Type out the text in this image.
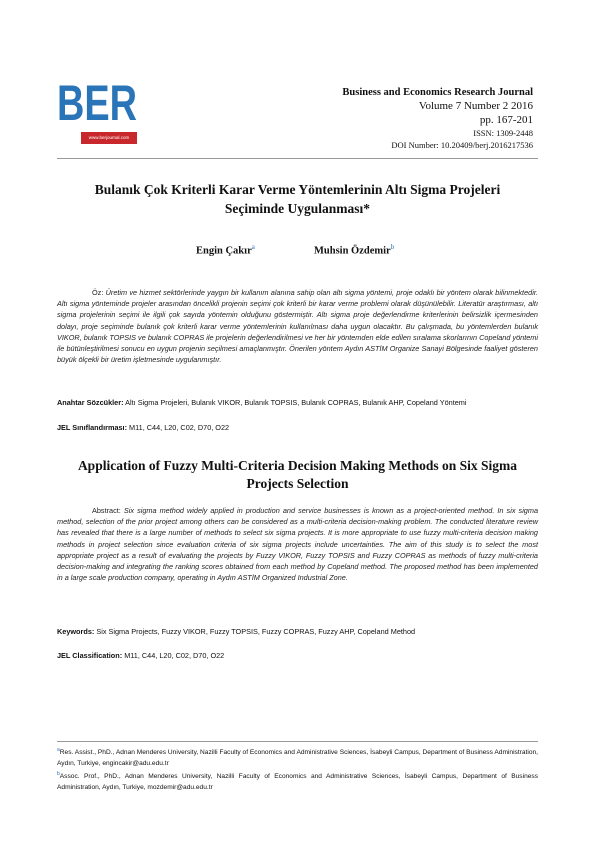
BER
www.berjournal.com
Business and Economics Research Journal
Volume 7 Number 2 2016
pp. 167-201
ISSN: 1309-2448
DOI Number: 10.20409/berj.2016217536
Bulanık Çok Kriterli Karar Verme Yöntemlerinin Altı Sigma Projeleri Seçiminde Uygulanması*
Engin Çakır$^a$	Muhsin Özdemir$^b$
Öz: Üretim ve hizmet sektörlerinde yaygın bir kullanım alanına sahip olan altı sigma yöntemi, proje odaklı bir yöntem olarak bilinmektedir. Altı sigma yönteminde projeler arasından öncelikli projenin seçimi çok kriterli bir karar verme problemi olarak düşünülebilir. Literatür araştırması, altı sigma projelerinin seçimi ile ilgili çok sayıda yöntemin olduğunu göstermiştir. Altı sigma proje değerlendirme kriterlerinin belirsizlik içermesinden dolayı, proje seçiminde bulanık çok kriterli karar verme yöntemlerinin kullanılması daha uygun olacaktır. Bu çalışmada, bu yöntemlerden bulanık VIKOR, bulanık TOPSIS ve bulanık COPRAS ile projelerin değerlendirilmesi ve her bir yöntemden elde edilen sıralama skorlarının Copeland yöntemi ile bütünleştirilmesi sonucu en uygun projenin seçilmesi amaçlanmıştır. Önerilen yöntem Aydın ASTİM Organize Sanayi Bölgesinde faaliyet gösteren büyük ölçekli bir üretim işletmesinde uygulanmıştır.
Anahtar Sözcükler: Altı Sigma Projeleri, Bulanık VIKOR, Bulanık TOPSIS, Bulanık COPRAS, Bulanık AHP, Copeland Yöntemi
JEL Sınıflandırması: M11, C44, L20, C02, D70, O22
Application of Fuzzy Multi-Criteria Decision Making Methods on Six Sigma Projects Selection
Abstract: Six sigma method widely applied in production and service businesses is known as a project-oriented method. In six sigma method, selection of the prior project among others can be considered as a multi-criteria decision-making problem. The conducted literature review has revealed that there is a large number of methods to select six sigma projects. It is more appropriate to use fuzzy multi-criteria decision making methods in project selection since evaluation criteria of six sigma projects include uncertainties. The aim of this study is to select the most appropriate project as a result of evaluating the projects by Fuzzy VIKOR, Fuzzy TOPSIS and Fuzzy COPRAS as methods of fuzzy multi-criteria decision-making and integrating the ranking scores obtained from each method by Copeland method. The proposed method has been implemented in a large scale production company, operating in Aydın ASTİM Organized Industrial Zone.
Keywords: Six Sigma Projects, Fuzzy VIKOR, Fuzzy TOPSIS, Fuzzy COPRAS, Fuzzy AHP, Copeland Method
JEL Classification: M11, C44, L20, C02, D70, O22
$^a$Res. Assist., PhD., Adnan Menderes University, Nazilli Faculty of Economics and Administrative Sciences, İsabeyli Campus, Department of Business Administration, Aydın, Turkiye, engincakir@adu.edu.tr
$^b$Assoc. Prof., PhD., Adnan Menderes University, Nazilli Faculty of Economics and Administrative Sciences, İsabeyli Campus, Department of Business Administration, Aydın, Turkiye, mozdemir@adu.edu.tr
